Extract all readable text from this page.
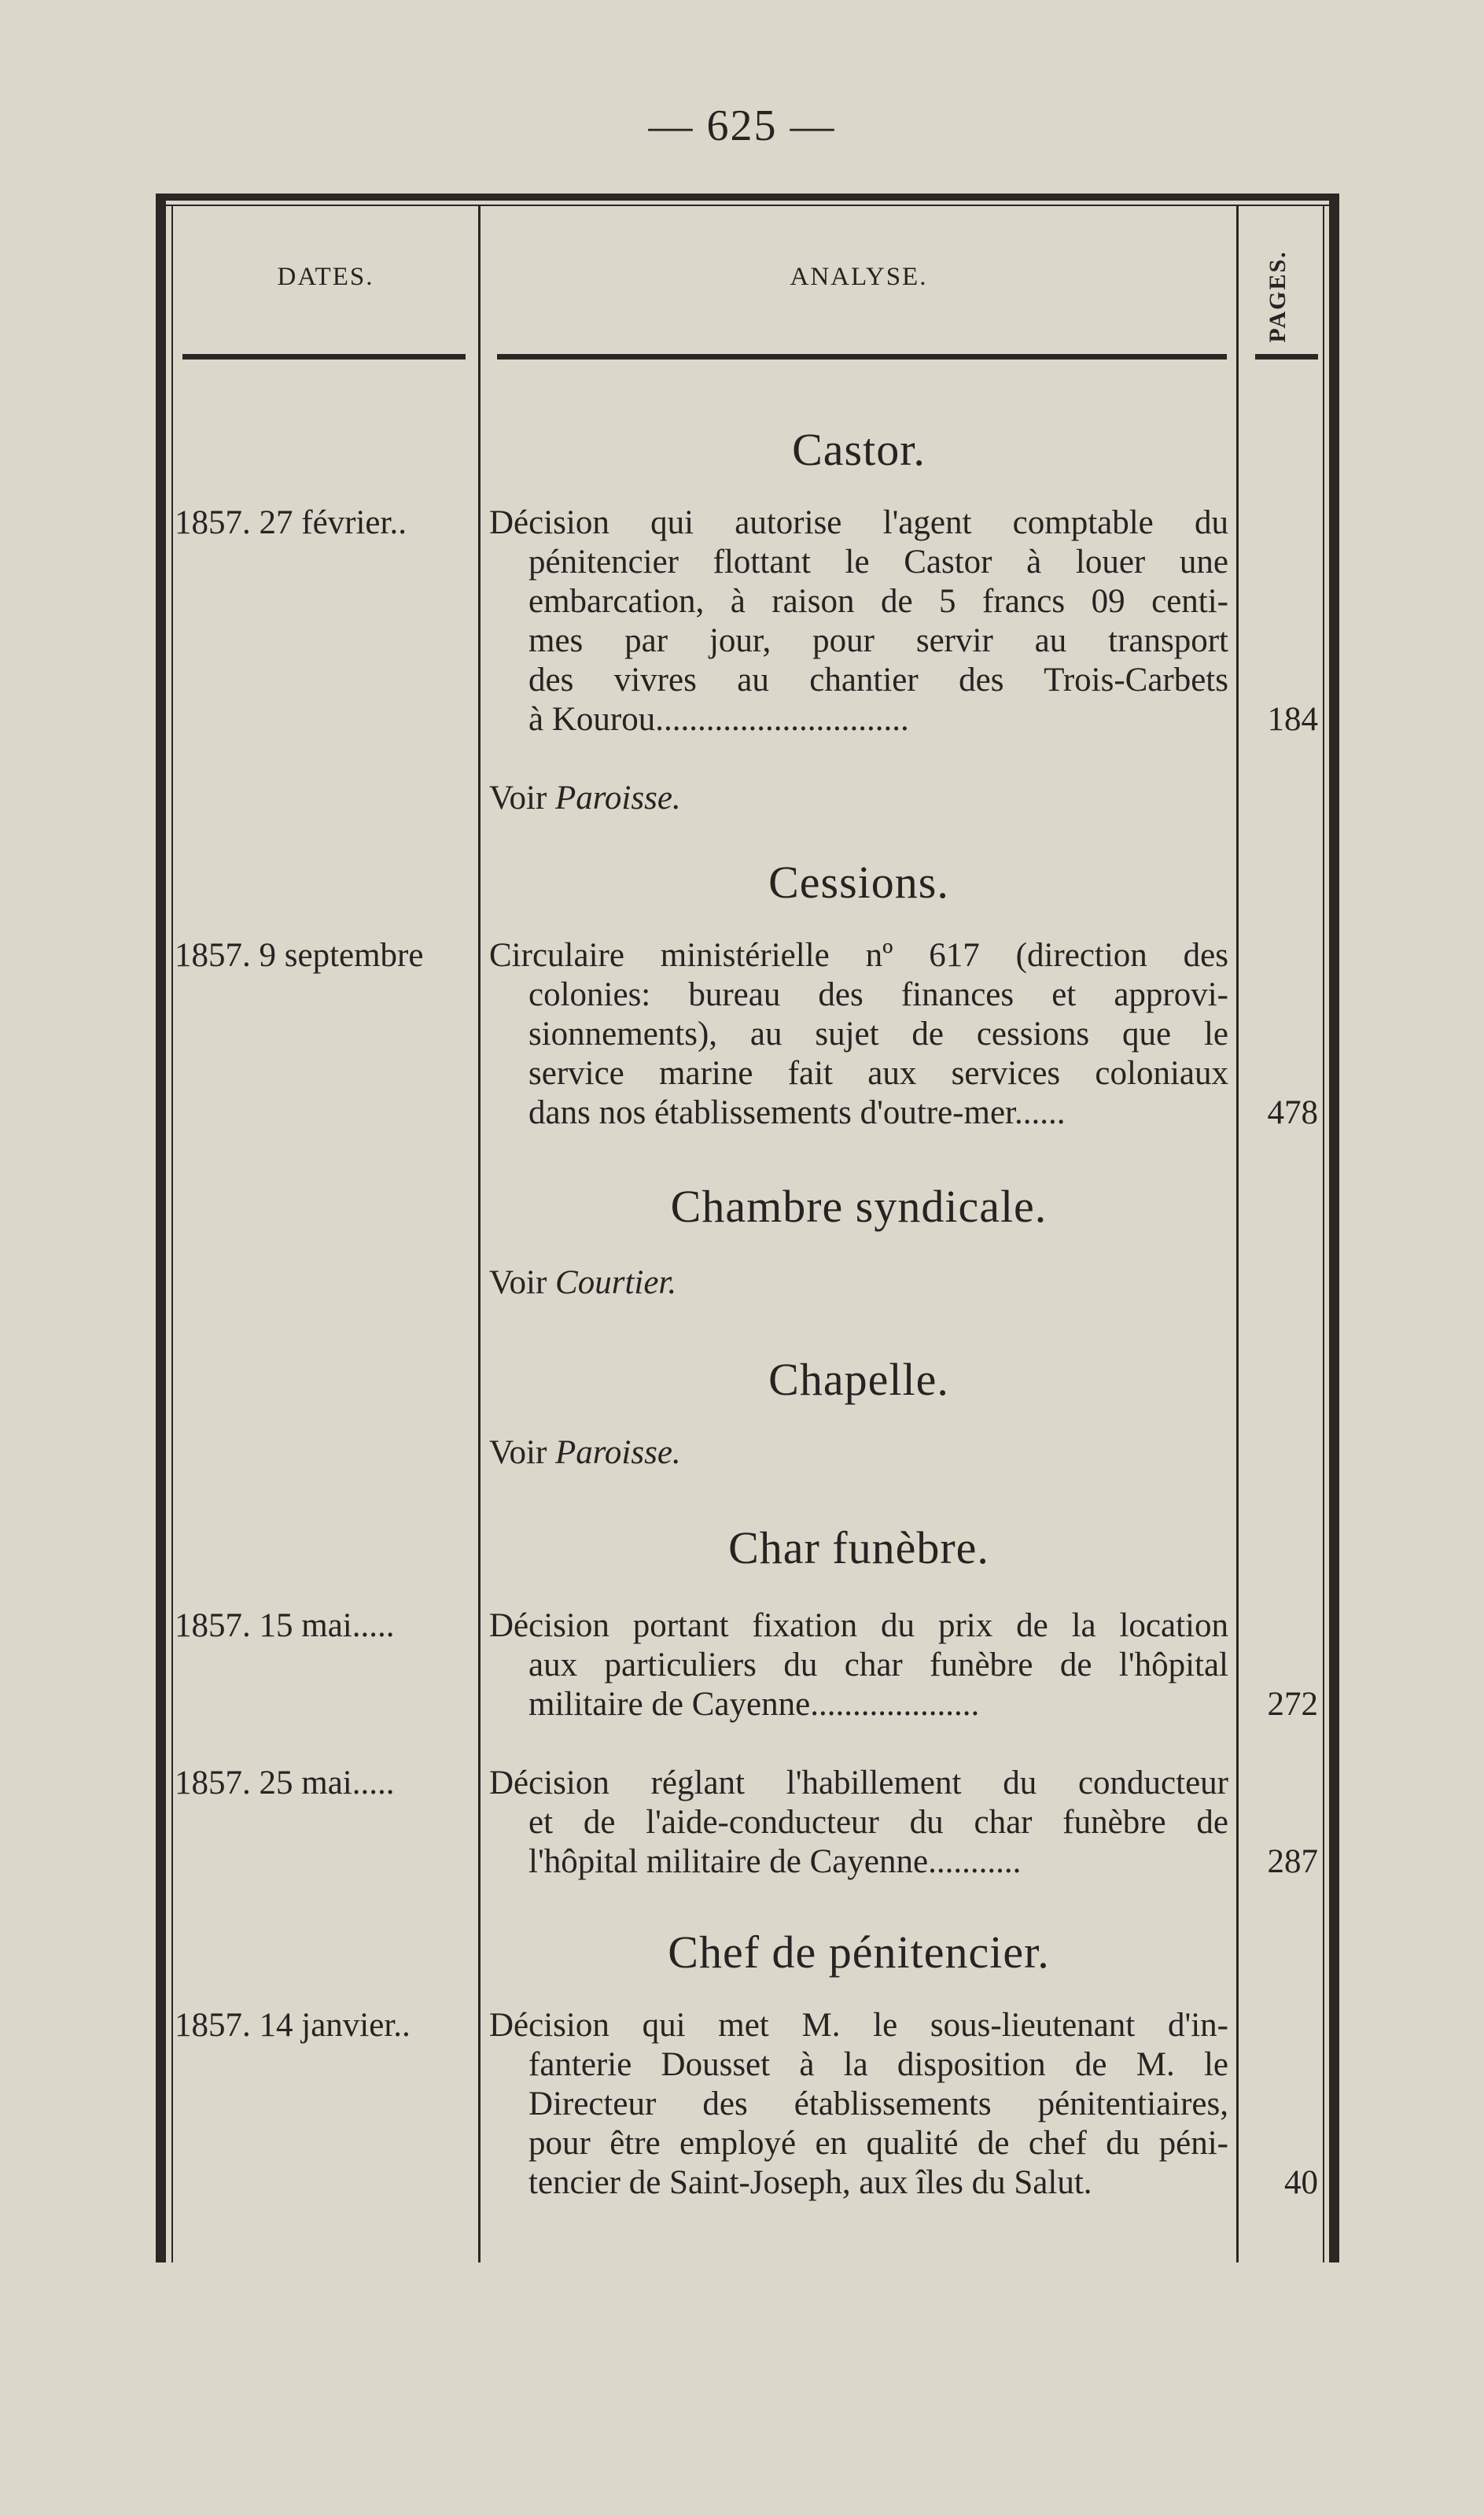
— 625 —
DATES.	ANALYSE.	PAGES.
Castor.
1857. 27 février..	Décision qui autorise l'agent comptable du

pénitencier flottant le Castor à louer une

embarcation, à raison de 5 francs 09 centi-

mes par jour, pour servir au transport

des vivres au chantier des Trois-Carbets

à Kourou..............................	184
Voir Paroisse.
Cessions.
1857. 9 septembre	Circulaire ministérielle nº 617 (direction des

colonies: bureau des finances et approvi-

sionnements), au sujet de cessions que le

service marine fait aux services coloniaux

dans nos établissements d'outre-mer......	478
Chambre syndicale.
Voir Courtier.
Chapelle.
Voir Paroisse.
Char funèbre.
1857. 15 mai.....	Décision portant fixation du prix de la location

aux particuliers du char funèbre de l'hôpital

militaire de Cayenne....................	272
1857. 25 mai.....	Décision réglant l'habillement du conducteur

et de l'aide-conducteur du char funèbre de

l'hôpital militaire de Cayenne...........	287
Chef de pénitencier.
1857. 14 janvier..	Décision qui met M. le sous-lieutenant d'in-

fanterie Dousset à la disposition de M. le

Directeur des établissements pénitentiaires,

pour être employé en qualité de chef du péni-

tencier de Saint-Joseph, aux îles du Salut.	40
